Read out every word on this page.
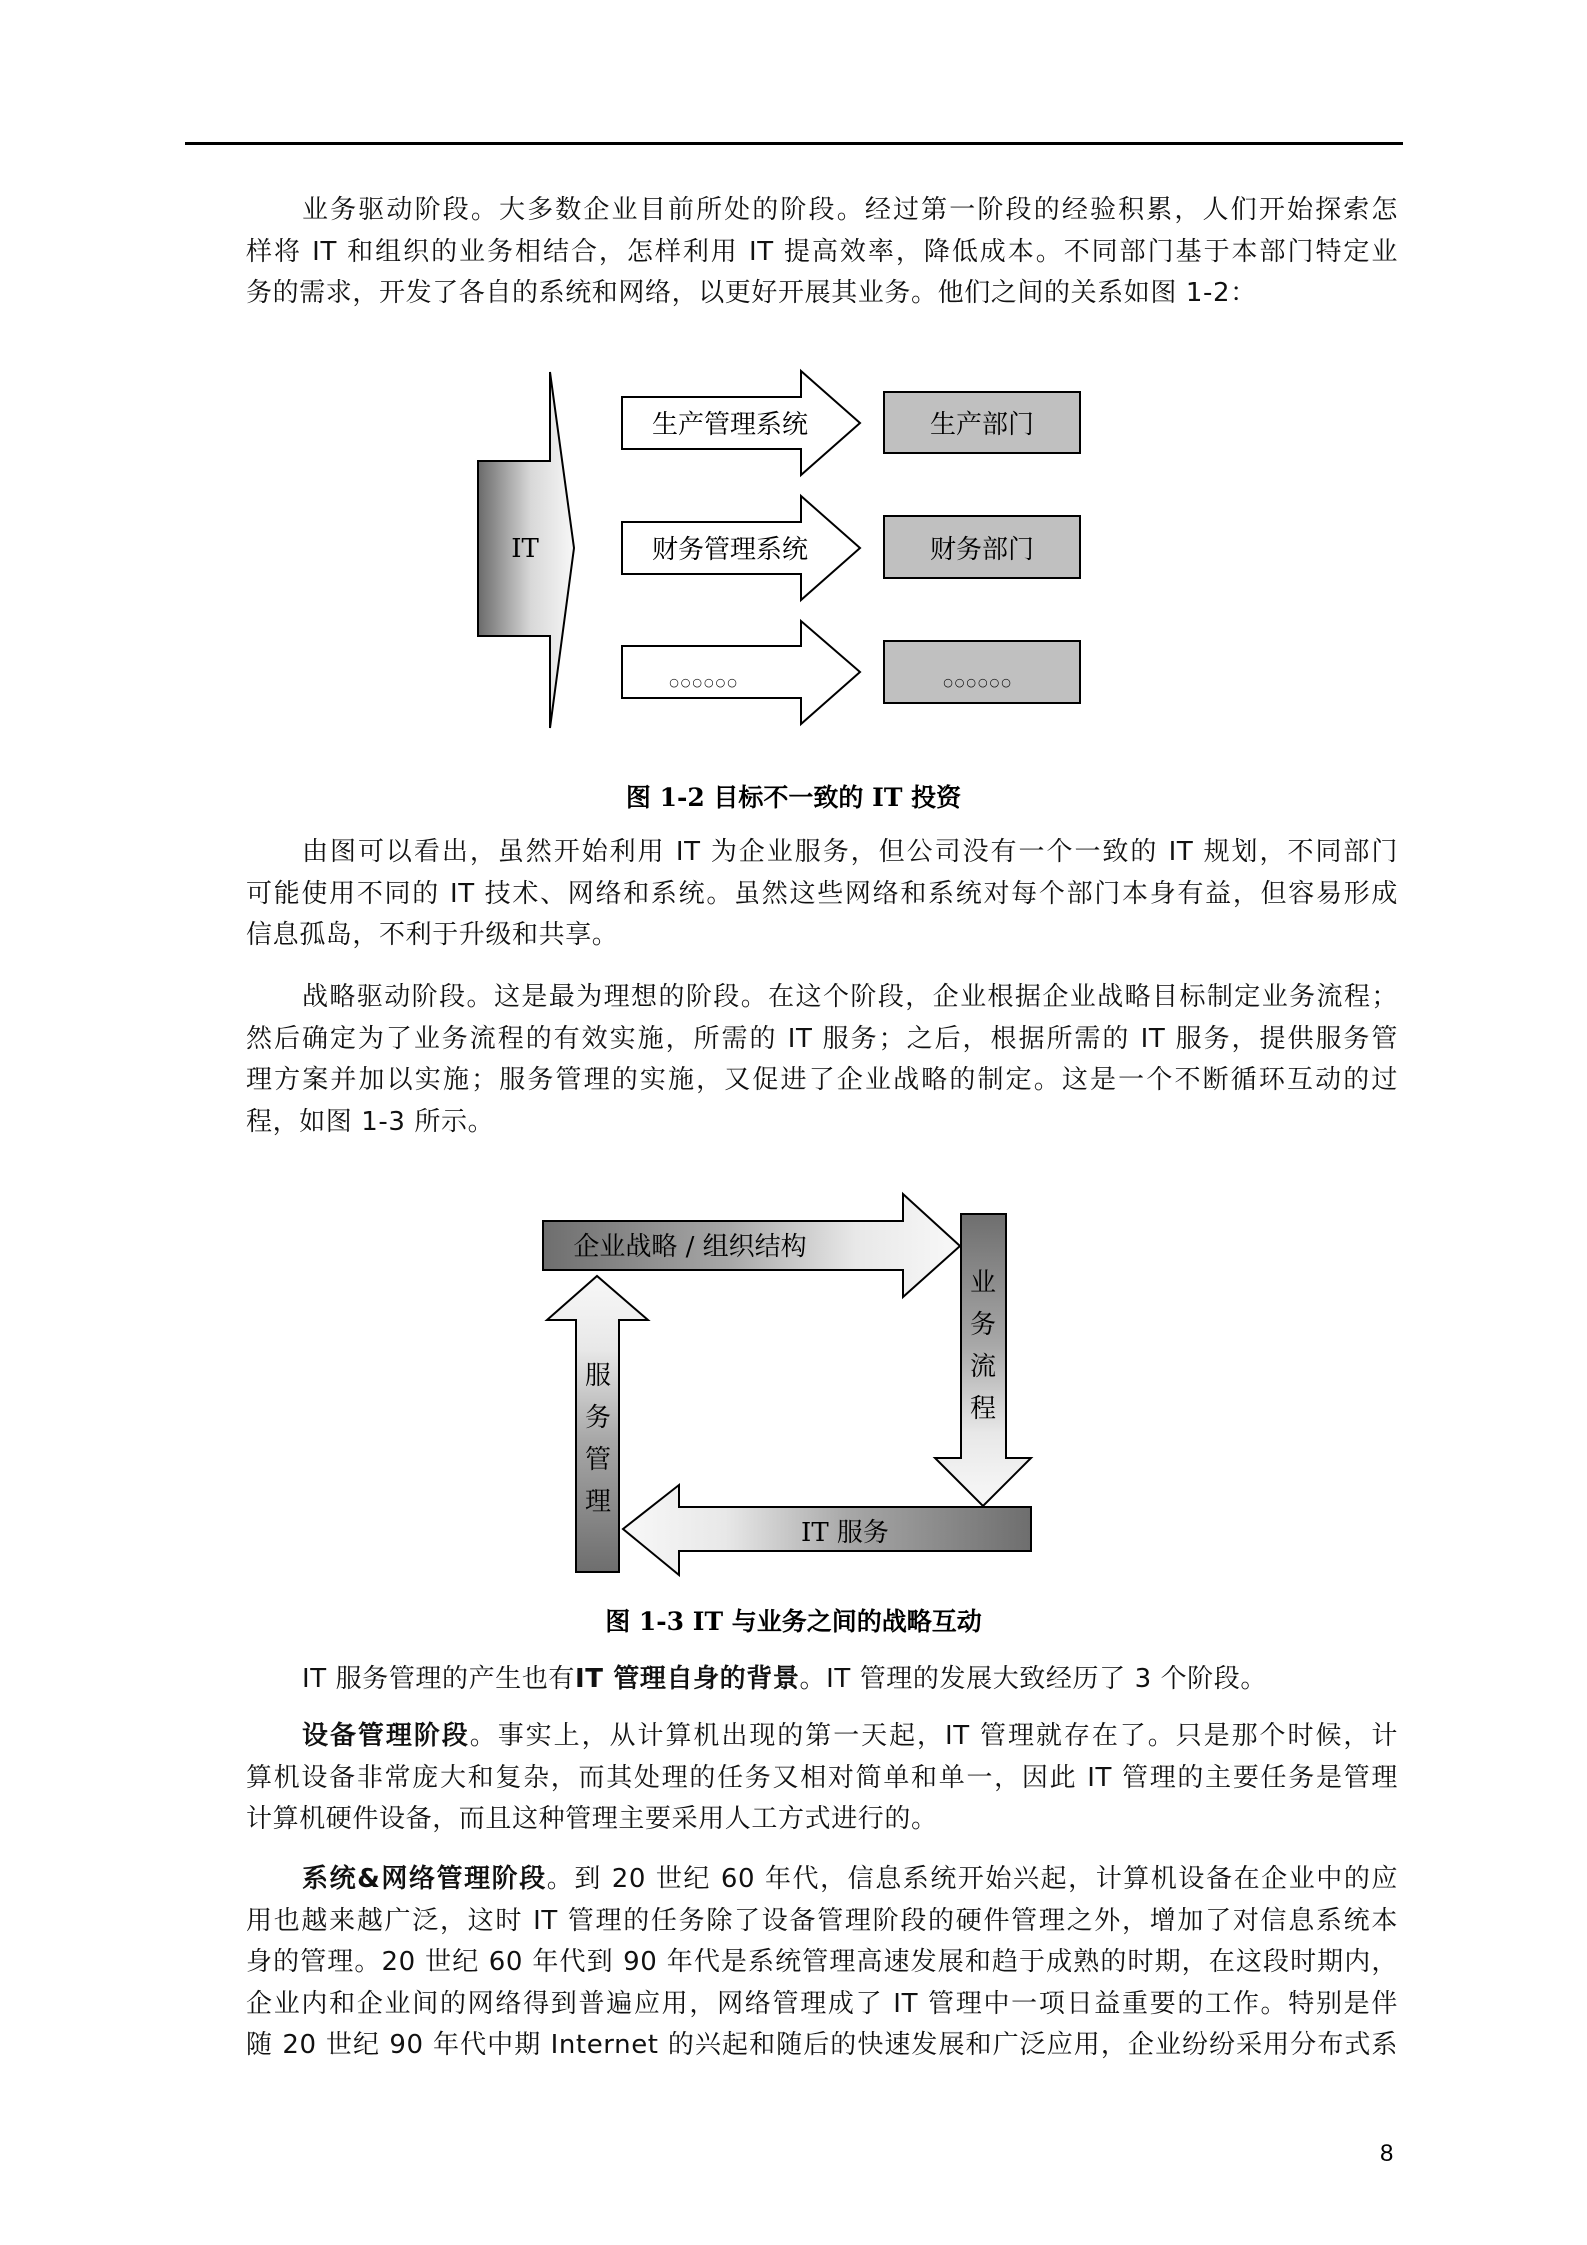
业务驱动阶段。大多数企业目前所处的阶段。经过第一阶段的经验积累，人们开始探索怎
样将 IT 和组织的业务相结合，怎样利用 IT 提高效率，降低成本。不同部门基于本部门特定业
务的需求，开发了各自的系统和网络，以更好开展其业务。他们之间的关系如图 1-2：
IT
生产管理系统	生产部门
财务管理系统	财务部门
○○○○○○	○○○○○○
图 1-2 目标不一致的 IT 投资
由图可以看出，虽然开始利用 IT 为企业服务，但公司没有一个一致的 IT 规划，不同部门
可能使用不同的 IT 技术、网络和系统。虽然这些网络和系统对每个部门本身有益，但容易形成
信息孤岛，不利于升级和共享。
战略驱动阶段。这是最为理想的阶段。在这个阶段，企业根据企业战略目标制定业务流程；
然后确定为了业务流程的有效实施，所需的 IT 服务；之后，根据所需的 IT 服务，提供服务管
理方案并加以实施；服务管理的实施，又促进了企业战略的制定。这是一个不断循环互动的过
程，如图 1-3 所示。
企业战略 / 组织结构
业
务
流
程
IT 服务
服
务
管
理
图 1-3 IT 与业务之间的战略互动
IT 服务管理的产生也有IT 管理自身的背景。IT 管理的发展大致经历了 3 个阶段。
设备管理阶段。事实上，从计算机出现的第一天起，IT 管理就存在了。只是那个时候，计
算机设备非常庞大和复杂，而其处理的任务又相对简单和单一，因此 IT 管理的主要任务是管理
计算机硬件设备，而且这种管理主要采用人工方式进行的。
系统&网络管理阶段。到 20 世纪 60 年代，信息系统开始兴起，计算机设备在企业中的应
用也越来越广泛，这时 IT 管理的任务除了设备管理阶段的硬件管理之外，增加了对信息系统本
身的管理。20 世纪 60 年代到 90 年代是系统管理高速发展和趋于成熟的时期，在这段时期内，
企业内和企业间的网络得到普遍应用，网络管理成了 IT 管理中一项日益重要的工作。特别是伴
随 20 世纪 90 年代中期 Internet 的兴起和随后的快速发展和广泛应用，企业纷纷采用分布式系
8
